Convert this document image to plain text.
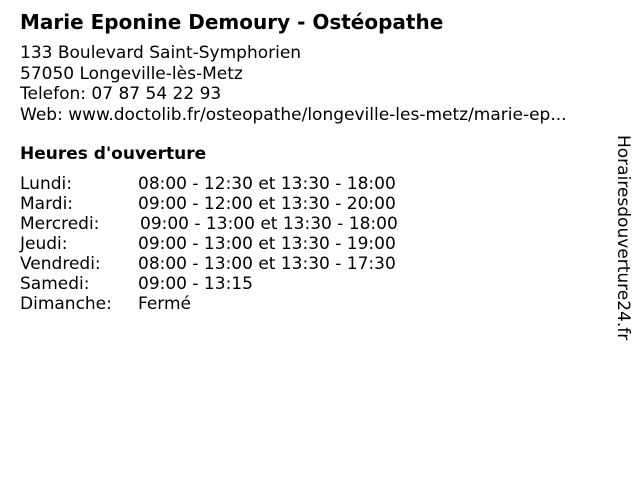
Marie Eponine Demoury - Ostéopathe
133 Boulevard Saint-Symphorien
57050 Longeville-lès-Metz
Telefon: 07 87 54 22 93
Web: www.doctolib.fr/osteopathe/longeville-les-metz/marie-ep...
Heures d'ouverture
Lundi:	08:00 - 12:30 et 13:30 - 18:00
Mardi:	09:00 - 12:00 et 13:30 - 20:00
Mercredi: 09:00 - 13:00 et 13:30 - 18:00
Jeudi:	09:00 - 13:00 et 13:30 - 19:00
Vendredi: 08:00 - 13:00 et 13:30 - 17:30
Samedi:	09:00 - 13:15
Dimanche: Fermé	Horairesdouverture24.fr
